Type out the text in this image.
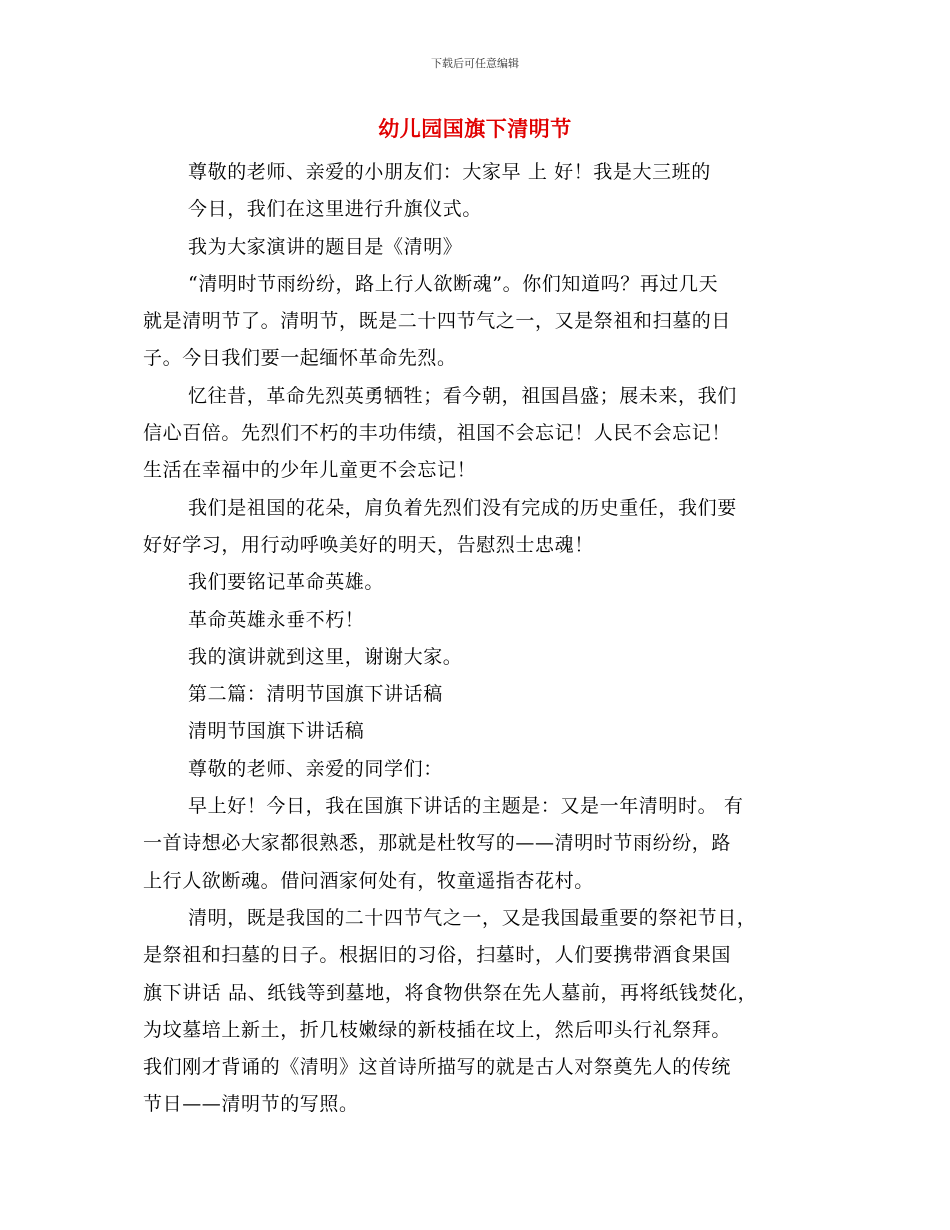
下载后可任意编辑
幼儿园国旗下清明节
尊敬的老师、亲爱的小朋友们：大家早 上 好！我是大三班的
今日，我们在这里进行升旗仪式。
我为大家演讲的题目是《清明》
“清明时节雨纷纷，路上行人欲断魂”。你们知道吗？再过几天
就是清明节了。清明节，既是二十四节气之一，又是祭祖和扫墓的日
子。今日我们要一起缅怀革命先烈。
忆往昔，革命先烈英勇牺牲；看今朝，祖国昌盛；展未来，我们
信心百倍。先烈们不朽的丰功伟绩，祖国不会忘记！人民不会忘记！
生活在幸福中的少年儿童更不会忘记！
我们是祖国的花朵，肩负着先烈们没有完成的历史重任，我们要
好好学习，用行动呼唤美好的明天，告慰烈士忠魂！
我们要铭记革命英雄。
革命英雄永垂不朽！
我的演讲就到这里，谢谢大家。
第二篇：清明节国旗下讲话稿
清明节国旗下讲话稿
尊敬的老师、亲爱的同学们：
早上好！今日，我在国旗下讲话的主题是：又是一年清明时。 有
一首诗想必大家都很熟悉，那就是杜牧写的——清明时节雨纷纷，路
上行人欲断魂。借问酒家何处有，牧童遥指杏花村。
清明，既是我国的二十四节气之一，又是我国最重要的祭祀节日，
是祭祖和扫墓的日子。根据旧的习俗，扫墓时，人们要携带酒食果国
旗下讲话 品、纸钱等到墓地，将食物供祭在先人墓前，再将纸钱焚化，
为坟墓培上新土，折几枝嫩绿的新枝插在坟上，然后叩头行礼祭拜。
我们刚才背诵的《清明》这首诗所描写的就是古人对祭奠先人的传统
节日——清明节的写照。
